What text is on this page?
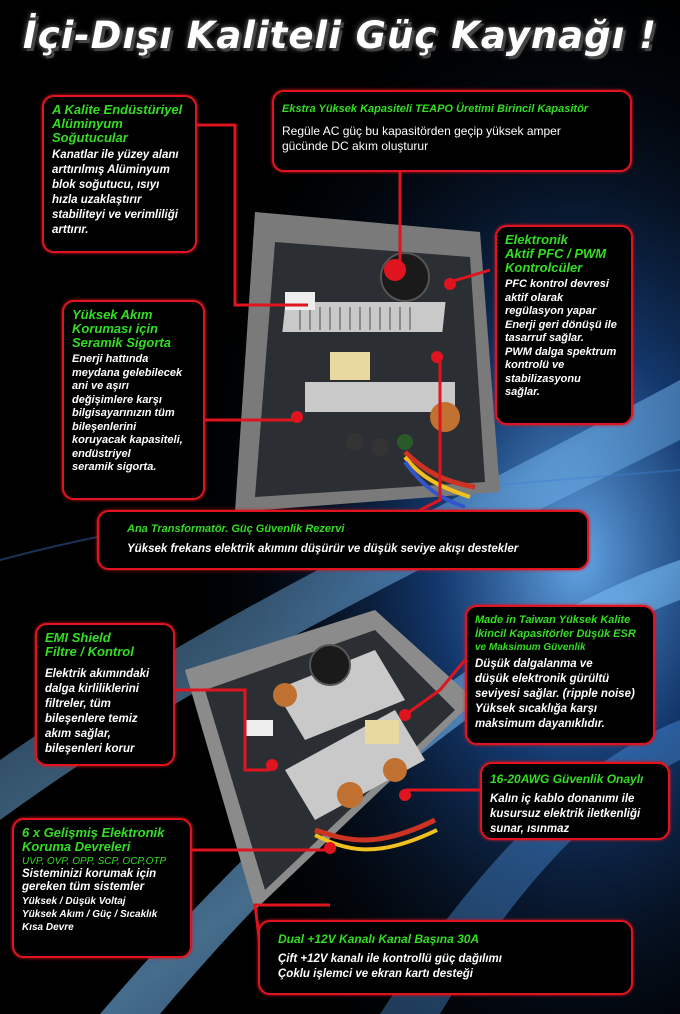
İçi-Dışı Kaliteli Güç Kaynağı !
A Kalite Endüstüriyel
Alüminyum
Soğutucular
Kanatlar ile yüzey alanı
arttırılmış Alüminyum
blok soğutucu, ısıyı
hızla uzaklaştırır
stabiliteyi ve verimliliği
arttırır.
Ekstra Yüksek Kapasiteli TEAPO Üretimi Birincil Kapasitör
Regüle AC güç bu kapasitörden geçip yüksek amper
gücünde DC akım oluşturur
Elektronik
Aktif PFC / PWM
Kontrolcüler
PFC kontrol devresi
aktif olarak
regülasyon yapar
Enerji geri dönüşü ile
tasarruf sağlar.
PWM dalga spektrum
kontrolü ve
stabilizasyonu
sağlar.
Yüksek Akım
Koruması için
Seramik Sigorta
Enerji hattında
meydana gelebilecek
ani ve aşırı
değişimlere karşı
bilgisayarınızın tüm
bileşenlerini
koruyacak kapasiteli,
endüstriyel
seramik sigorta.
Ana Transformatör. Güç Güvenlik Rezervi
Yüksek frekans elektrik akımını düşürür ve düşük seviye akışı destekler
EMI Shield
Filtre / Kontrol
Elektrik akımındaki
dalga kirliliklerini
filtreler, tüm
bileşenlere temiz
akım sağlar,
bileşenleri korur
Made in Taiwan Yüksek Kalite
İkincil Kapasitörler Düşük ESR
ve Maksimum Güvenlik
Düşük dalgalanma ve
düşük elektronik gürültü
seviyesi sağlar. (ripple noise)
Yüksek sıcaklığa karşı
maksimum dayanıklıdır.
16-20AWG Güvenlik Onaylı
Kalın iç kablo donanımı ile
kusursuz elektrik iletkenliği
sunar, ısınmaz
6 x Gelişmiş Elektronik
Koruma Devreleri
UVP, OVP, OPP, SCP, OCP,OTP
Sisteminizi korumak için
gereken tüm sistemler
Yüksek / Düşük Voltaj
Yüksek Akım / Güç / Sıcaklık
Kısa Devre
Dual +12V Kanalı Kanal Başına 30A
Çift +12V kanalı ile kontrollü güç dağılımı
Çoklu işlemci ve ekran kartı desteği
